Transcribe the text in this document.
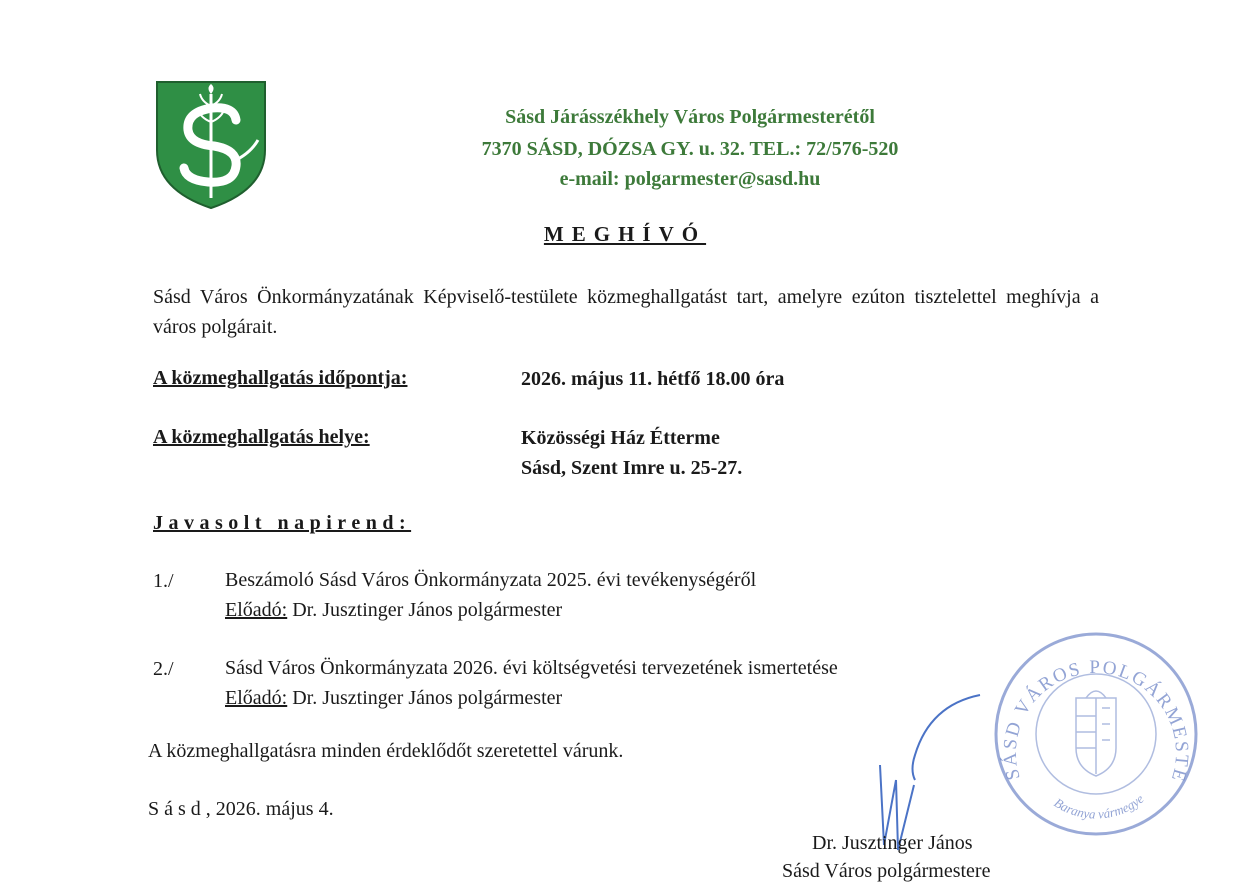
Sásd Járásszékhely Város Polgármesterétől
7370 SÁSD, DÓZSA GY. u. 32. TEL.: 72/576-520
e-mail: polgarmester@sasd.hu
MEGHÍVÓ
Sásd Város Önkormányzatának Képviselő-testülete közmeghallgatást tart, amelyre ezúton tisztelettel meghívja a város polgárait.
A közmeghallgatás időpontja:	2026. május 11. hétfő 18.00 óra
A közmeghallgatás helye:	Közösségi Ház Étterme
Sásd, Szent Imre u. 25-27.
Javasolt napirend:
1./	Beszámoló Sásd Város Önkormányzata 2025. évi tevékenységéről
Előadó: Dr. Jusztinger János polgármester
2./	Sásd Város Önkormányzata 2026. évi költségvetési tervezetének ismertetése
Előadó: Dr. Jusztinger János polgármester
A közmeghallgatásra minden érdeklődőt szeretettel várunk.
Sásd, 2026. május 4.
SÁSD VÁROS POLGÁRMESTE
Baranya vármegye
Dr. Jusztinger János
Sásd Város polgármestere
